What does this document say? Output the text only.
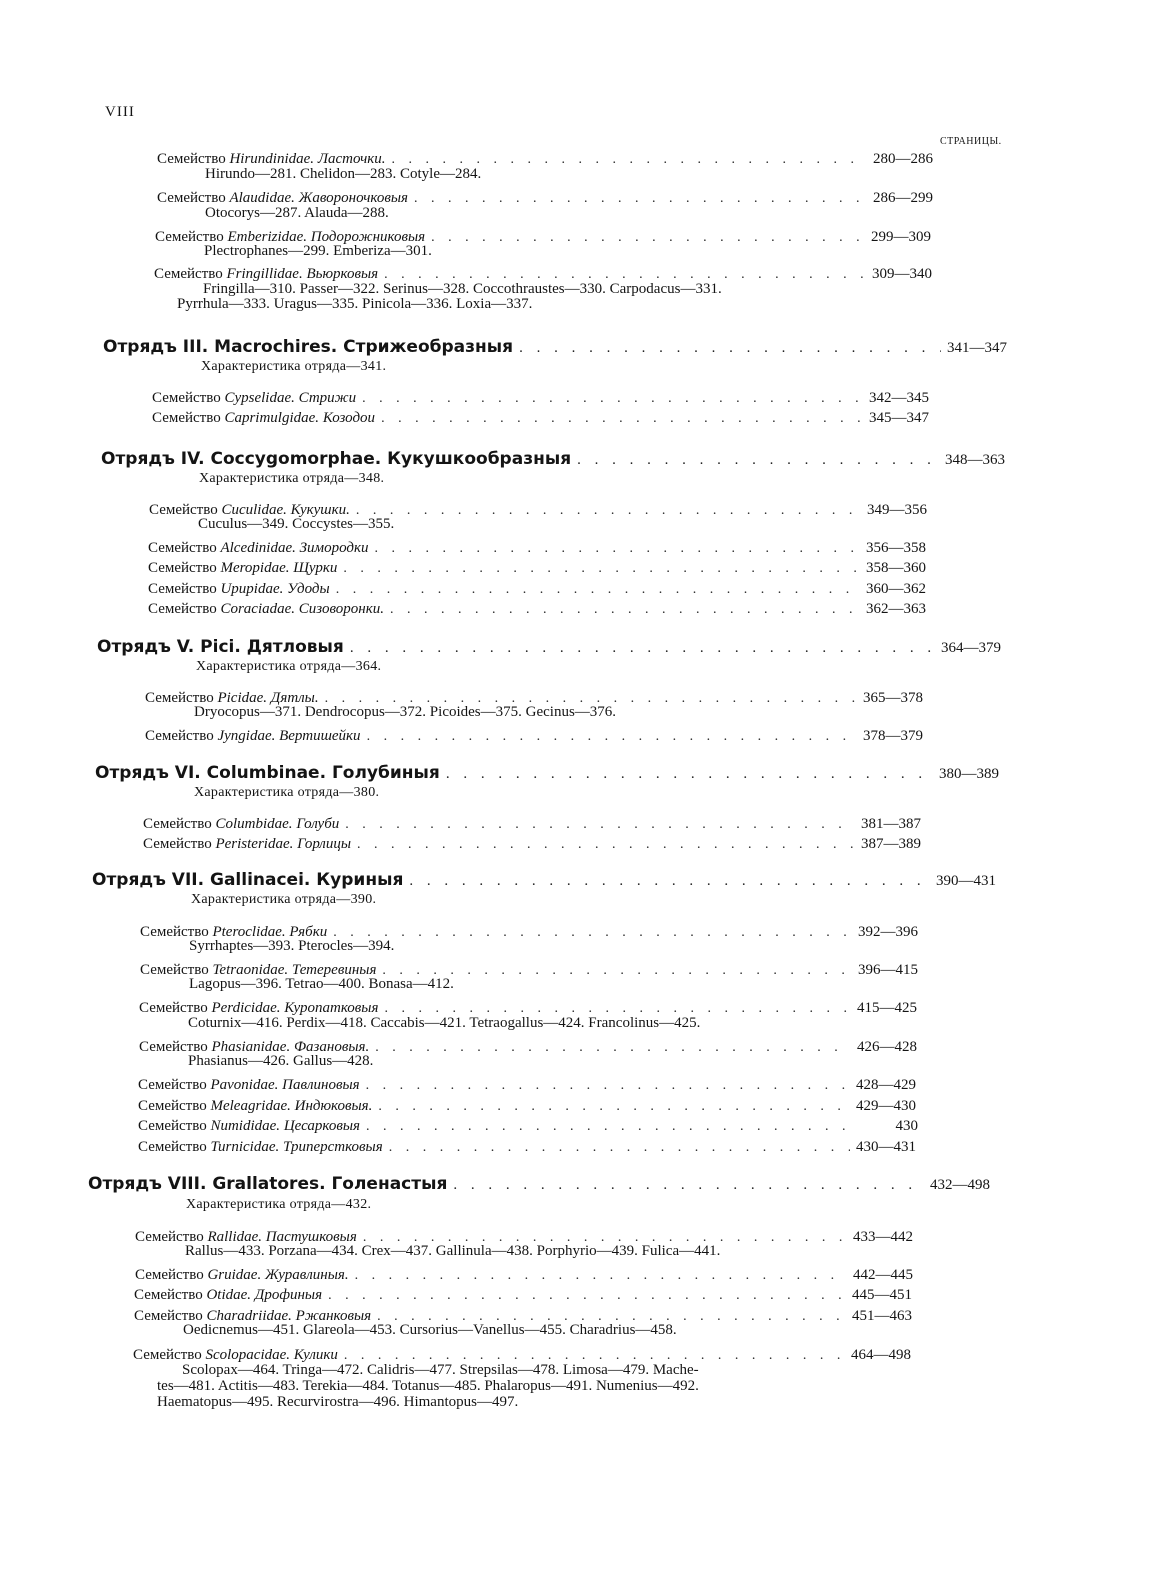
VIII
СТРАНИЦЫ.
Семейство
Hirundinidae.
Ласточки. . . .	280—286
Hirundo—281. Chelidon—283. Cotyle—284.
Семейство
Alaudidae.
Жавороночковыя . . .	286—299
Otocorys—287. Alauda—288.
Семейство
Emberizidae.
Подорожниковыя . . .	299—309
Plectrophanes—299. Emberiza—301.
Семейство
Fringillidae.
Вьюрковыя . . .	309—340
Fringilla—310. Passer—322. Serinus—328. Coccothraustes—330. Carpodacus—331.
Pyrrhula—333. Uragus—335. Pinicola—336. Loxia—337.
Отрядъ III. Macrochires. Стрижеобразныя . . .	341—347
Характеристика отряда—341.
Семейство
Cypselidae.
Стрижи . . .	342—345
Семейство
Caprimulgidae.
Козодои . . .	345—347
Отрядъ IV. Coccygomorphae. Кукушкообразныя . . .	348—363
Характеристика отряда—348.
Семейство
Cuculidae.
Кукушки. . . .	349—356
Cuculus—349. Coccystes—355.
Семейство
Alcedinidae.
Зимородки . . .	356—358
Семейство
Meropidae.
Щурки . . .	358—360
Семейство
Upupidae.
Удоды . . .	360—362
Семейство
Coraciadae.
Сизоворонки. . . .	362—363
Отрядъ V. Pici. Дятловыя . . .	364—379
Характеристика отряда—364.
Семейство
Picidae.
Дятлы. . . .	365—378
Dryocopus—371. Dendrocopus—372. Picoides—375. Gecinus—376.
Семейство
Jyngidae.
Вертишейки . . .	378—379
Отрядъ VI. Columbinae. Голубиныя . . .	380—389
Характеристика отряда—380.
Семейство
Columbidae.
Голуби . . .	381—387
Семейство
Peristeridae.
Горлицы . . .	387—389
Отрядъ VII. Gallinacei. Куриныя . . .	390—431
Характеристика отряда—390.
Семейство
Pteroclidae.
Рябки . . .	392—396
Syrrhaptes—393. Pterocles—394.
Семейство
Tetraonidae.
Тетеревиныя . . .	396—415
Lagopus—396. Tetrao—400. Bonasa—412.
Семейство
Perdicidae.
Куропатковыя . . .	415—425
Coturnix—416. Perdix—418. Caccabis—421. Tetraogallus—424. Francolinus—425.
Семейство
Phasianidae.
Фазановыя. . . .	426—428
Phasianus—426. Gallus—428.
Семейство
Pavonidae.
Павлиновыя . . .	428—429
Семейство
Meleagridae.
Индюковыя. . . .	429—430
Семейство
Numididae.
Цесарковыя . . .	430
Семейство
Turnicidae.
Триперстковыя . . .	430—431
Отрядъ VIII. Grallatores. Голенастыя . . .	432—498
Характеристика отряда—432.
Семейство
Rallidae.
Пастушковыя . . .	433—442
Rallus—433. Porzana—434. Crex—437. Gallinula—438. Porphyrio—439. Fulica—441.
Семейство
Gruidae.
Журавлиныя. . . .	442—445
Семейство
Otidae.
Дрофиныя . . .	445—451
Семейство
Charadriidae.
Ржанковыя . . .	451—463
Oedicnemus—451. Glareola—453. Cursorius—Vanellus—455. Charadrius—458.
Семейство
Scolopacidae.
Кулики . . .	464—498
Scolopax—464. Tringa—472. Calidris—477. Strepsilas—478. Limosa—479. Mache-
tes—481. Actitis—483. Terekia—484. Totanus—485. Phalaropus—491. Numenius—492.
Haematopus—495. Recurvirostra—496. Himantopus—497.
